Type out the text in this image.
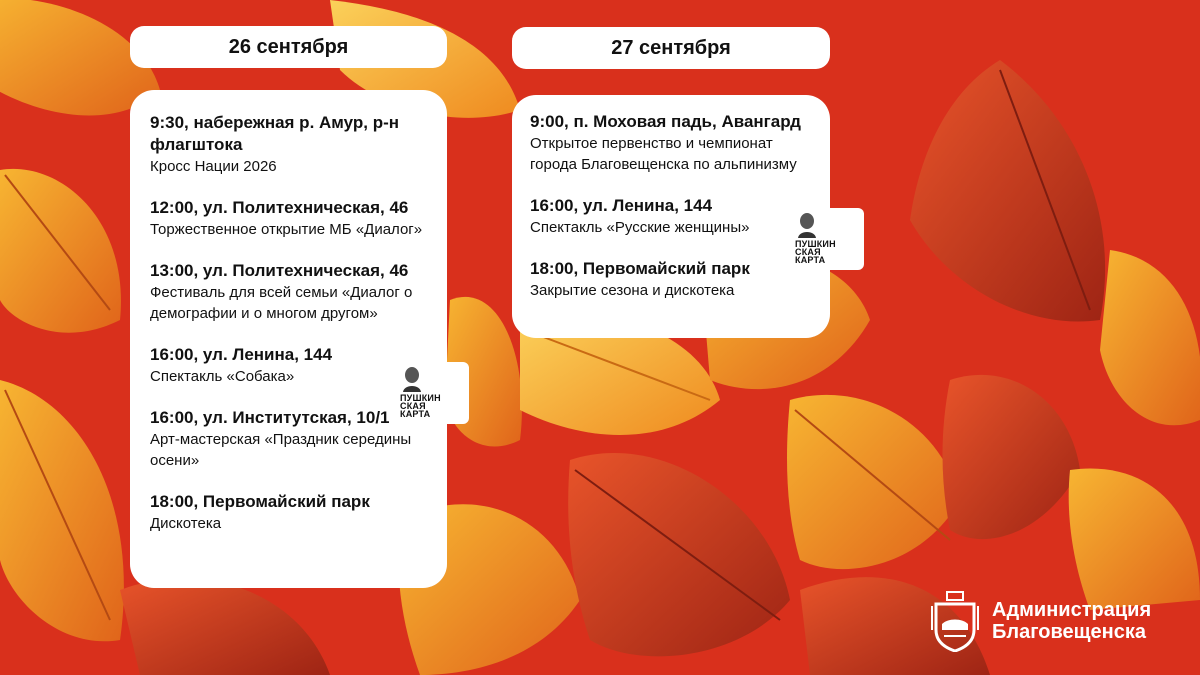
26 сентября
9:30, набережная р. Амур, р-н флагштока
Кросс Нации 2026
12:00, ул. Политехническая, 46
Торжественное открытие МБ «Диалог»
13:00, ул. Политехническая, 46
Фестиваль для всей семьи «Диалог о демографии и о многом другом»
16:00, ул. Ленина, 144
Спектакль «Собака»
16:00, ул. Институтская, 10/1
Арт-мастерская «Праздник середины осени»
18:00, Первомайский парк
Дискотека
ПУШКИН
СКАЯ
КАРТА
27 сентября
9:00, п. Моховая падь, Авангард
Открытое первенство и чемпионат города Благовещенска по альпинизму
16:00, ул. Ленина, 144
Спектакль «Русские женщины»
18:00, Первомайский парк
Закрытие сезона и дискотека
ПУШКИН
СКАЯ
КАРТА
Администрация
Благовещенска
